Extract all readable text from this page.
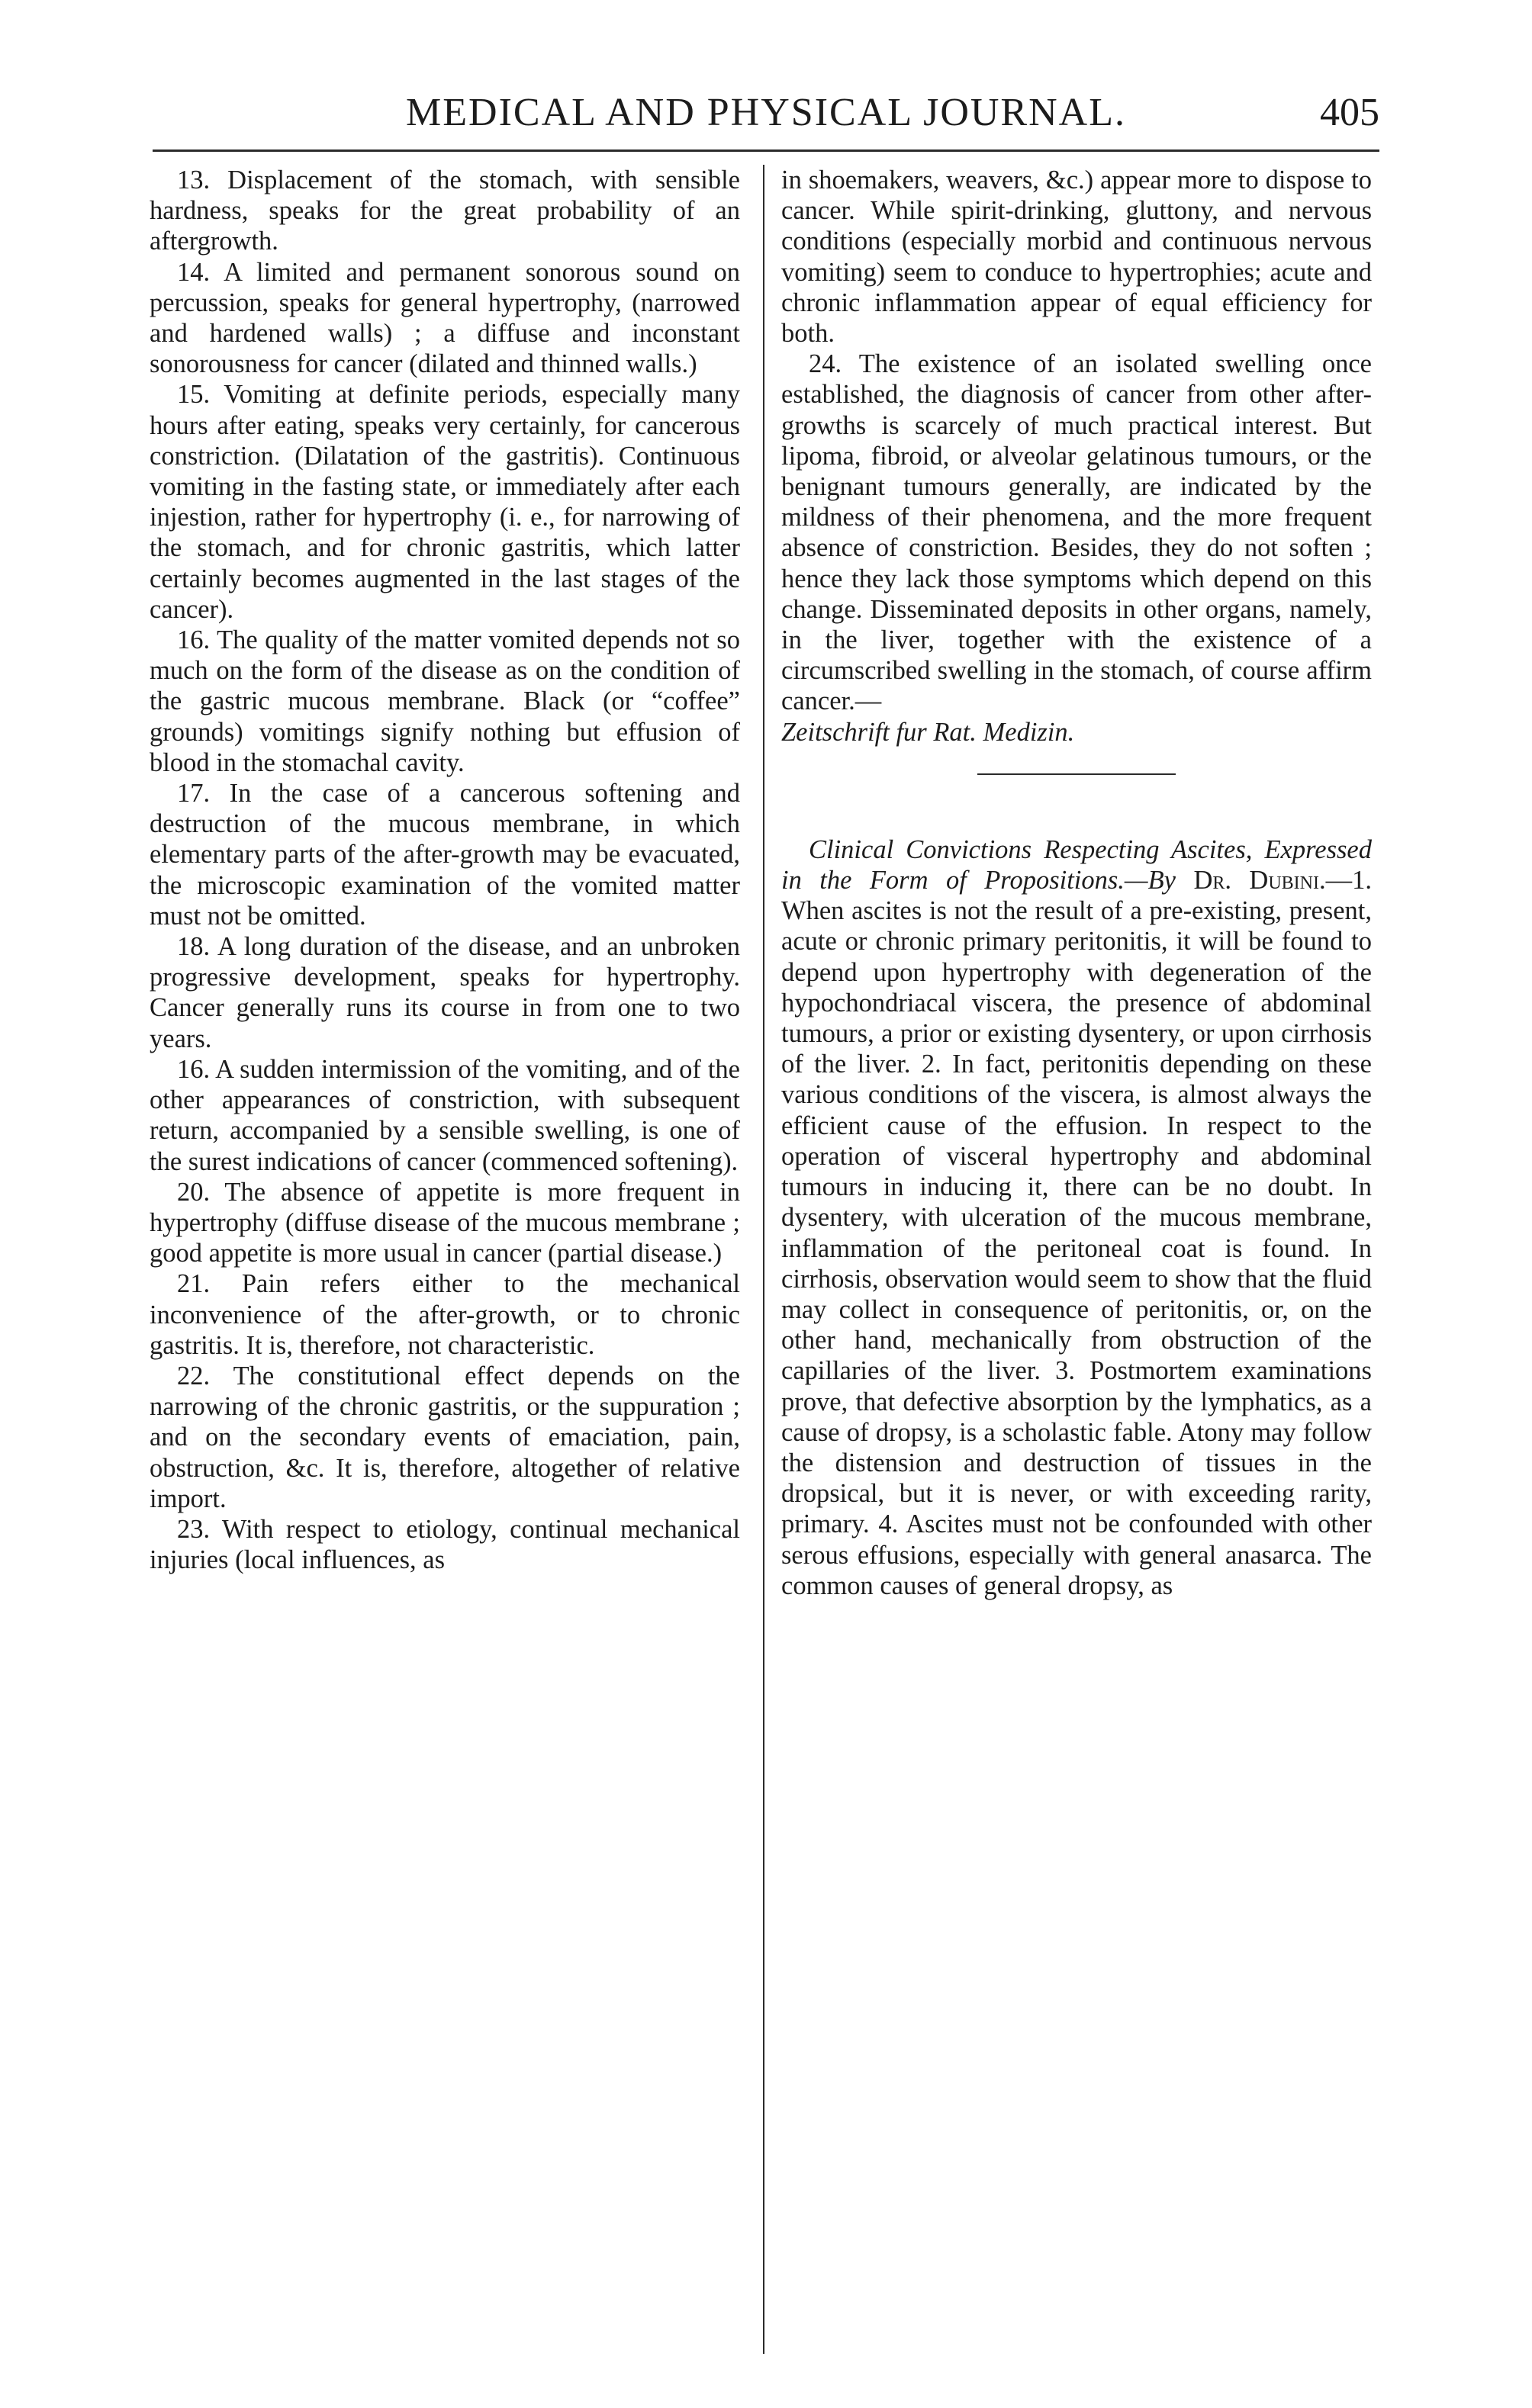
MEDICAL AND PHYSICAL JOURNAL.	405

13. Displacement of the stomach, with sensible hardness, speaks for the great probability of an aftergrowth.

14. A limited and permanent sonorous sound on percussion, speaks for general hypertrophy, (narrowed and hardened walls) ; a diffuse and inconstant sonorousness for cancer (dilated and thinned walls.)

15. Vomiting at definite periods, especially many hours after eating, speaks very certainly, for cancerous constriction. (Dilatation of the gastritis). Continuous vomiting in the fasting state, or immediately after each injestion, rather for hypertrophy (i. e., for narrowing of the stomach, and for chronic gastritis, which latter certainly becomes augmented in the last stages of the cancer).

16. The quality of the matter vomited depends not so much on the form of the disease as on the condition of the gastric mucous membrane. Black (or “coffee” grounds) vomitings signify nothing but effusion of blood in the stomachal cavity.

17. In the case of a cancerous softening and destruction of the mucous membrane, in which elementary parts of the after-growth may be evacuated, the microscopic examination of the vomited matter must not be omitted.

18. A long duration of the disease, and an unbroken progressive development, speaks for hypertrophy. Cancer generally runs its course in from one to two years.

16. A sudden intermission of the vomiting, and of the other appearances of constriction, with subsequent return, accompanied by a sensible swelling, is one of the surest indications of cancer (commenced softening).

20. The absence of appetite is more frequent in hypertrophy (diffuse disease of the mucous membrane ; good appetite is more usual in cancer (partial disease.)

21. Pain refers either to the mechanical inconvenience of the after-growth, or to chronic gastritis. It is, therefore, not characteristic.

22. The constitutional effect depends on the narrowing of the chronic gastritis, or the suppuration ; and on the secondary events of emaciation, pain, obstruction, &c. It is, therefore, altogether of relative import.

23. With respect to etiology, continual mechanical injuries (local influences, as

in shoemakers, weavers, &c.) appear more to dispose to cancer. While spirit-drinking, gluttony, and nervous conditions (especially morbid and continuous nervous vomiting) seem to conduce to hypertrophies; acute and chronic inflammation appear of equal efficiency for both.

24. The existence of an isolated swelling once established, the diagnosis of cancer from other after-growths is scarcely of much practical interest. But lipoma, fibroid, or alveolar gelatinous tumours, or the benignant tumours generally, are indicated by the mildness of their phenomena, and the more frequent absence of constriction. Besides, they do not soften ; hence they lack those symptoms which depend on this change. Disseminated deposits in other organs, namely, in the liver, together with the existence of a circumscribed swelling in the stomach, of course affirm cancer.—

Zeitschrift fur Rat. Medizin.

Clinical Convictions Respecting Ascites, Expressed in the Form of Propositions.—By Dr. Dubini.—1. When ascites is not the result of a pre-existing, present, acute or chronic primary peritonitis, it will be found to depend upon hypertrophy with degeneration of the hypochondriacal viscera, the presence of abdominal tumours, a prior or existing dysentery, or upon cirrhosis of the liver. 2. In fact, peritonitis depending on these various conditions of the viscera, is almost always the efficient cause of the effusion. In respect to the operation of visceral hypertrophy and abdominal tumours in inducing it, there can be no doubt. In dysentery, with ulceration of the mucous membrane, inflammation of the peritoneal coat is found. In cirrhosis, observation would seem to show that the fluid may collect in consequence of peritonitis, or, on the other hand, mechanically from obstruction of the capillaries of the liver. 3. Postmortem examinations prove, that defective absorption by the lymphatics, as a cause of dropsy, is a scholastic fable. Atony may follow the distension and destruction of tissues in the dropsical, but it is never, or with exceeding rarity, primary. 4. Ascites must not be confounded with other serous effusions, especially with general anasarca. The common causes of general dropsy, as
